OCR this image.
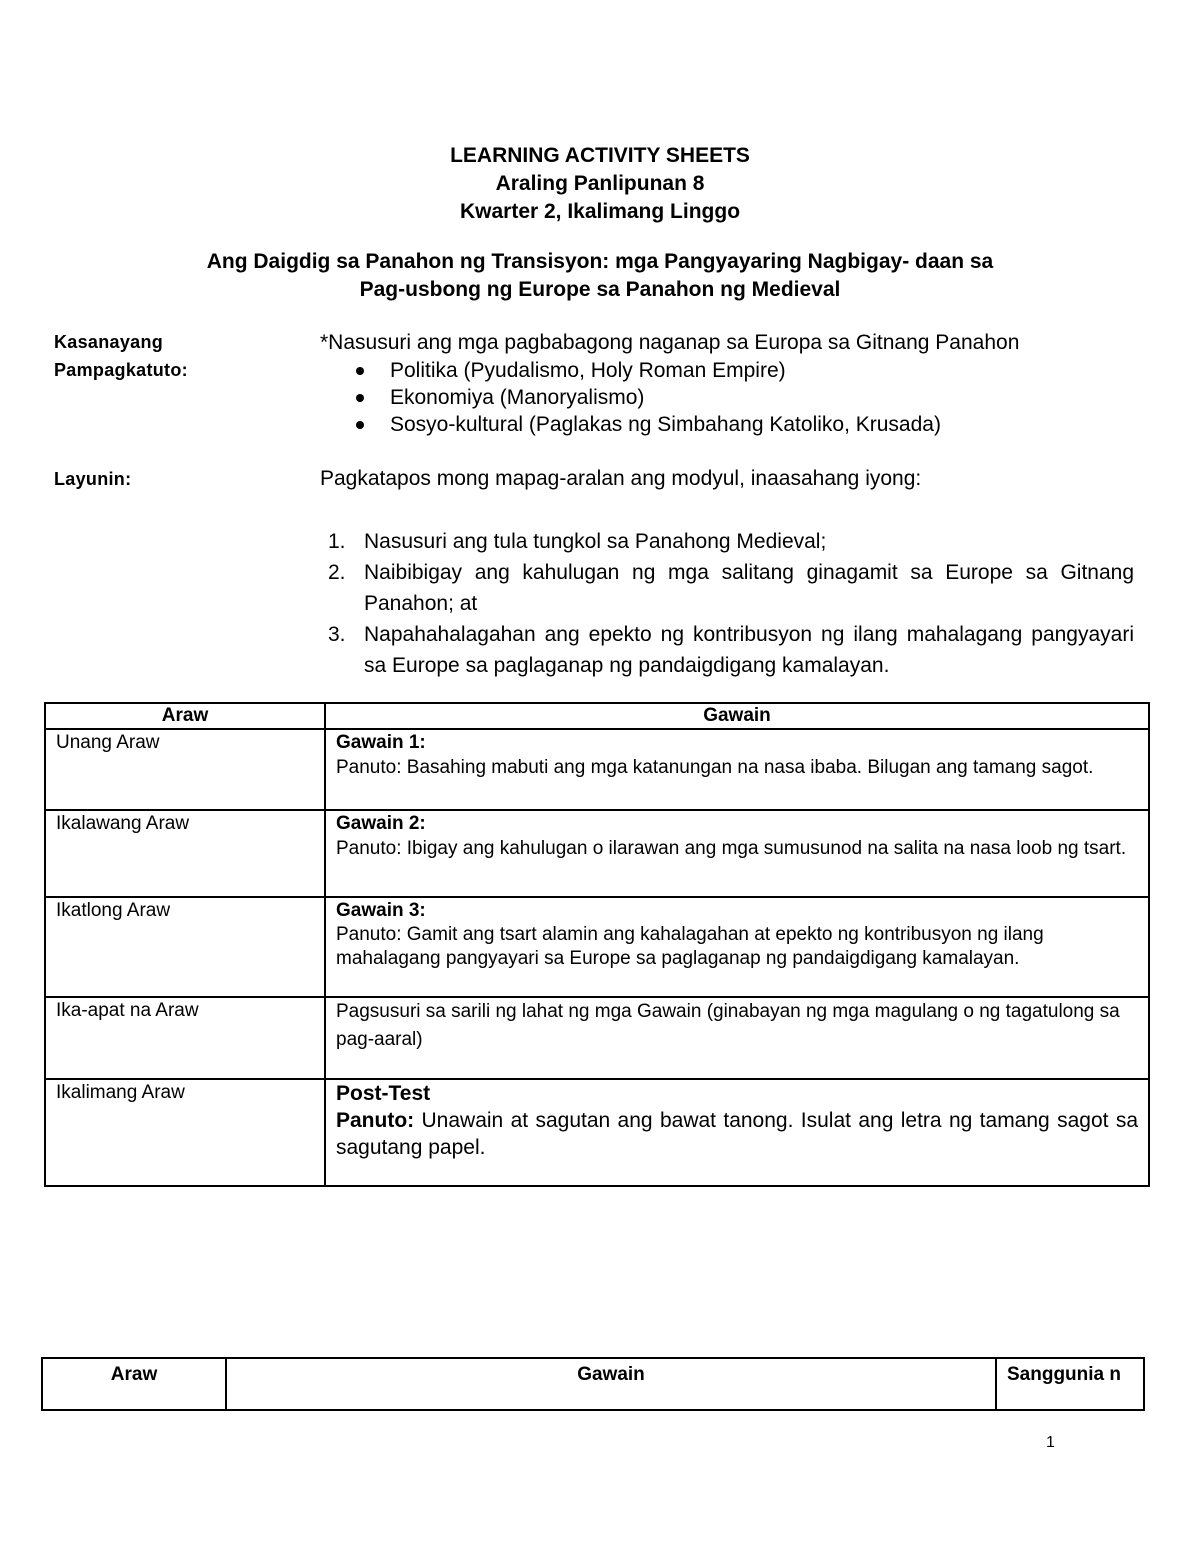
LEARNING ACTIVITY SHEETS
Araling Panlipunan 8
Kwarter 2, Ikalimang Linggo
Ang Daigdig sa Panahon ng Transisyon: mga Pangyayaring Nagbigay- daan sa
Pag-usbong ng Europe sa Panahon ng Medieval
Kasanayang
Pampagkatuto:
*Nasusuri ang mga pagbabagong naganap sa Europa sa Gitnang Panahon
Politika (Pyudalismo, Holy Roman Empire)
Ekonomiya (Manoryalismo)
Sosyo-kultural (Paglakas ng Simbahang Katoliko, Krusada)
Layunin:	Pagkatapos mong mapag-aralan ang modyul, inaasahang iyong:
1. Nasusuri ang tula tungkol sa Panahong Medieval;
2. Naibibigay ang kahulugan ng mga salitang ginagamit sa Europe sa Gitnang Panahon; at
3. Napahahalagahan ang epekto ng kontribusyon ng ilang mahalagang pangyayari sa Europe sa paglaganap ng pandaigdigang kamalayan.
Araw	Gawain
Unang Araw	Gawain 1:
Panuto: Basahing mabuti ang mga katanungan na nasa ibaba. Bilugan ang tamang sagot.

Ikalawang Araw	Gawain 2:
Panuto: Ibigay ang kahulugan o ilarawan ang mga sumusunod na salita na nasa loob ng tsart.

Ikatlong Araw	Gawain 3:
Panuto: Gamit ang tsart alamin ang kahalagahan at epekto ng kontribusyon ng ilang mahalagang pangyayari sa Europe sa paglaganap ng pandaigdigang kamalayan.

Ika-apat na Araw	Pagsusuri sa sarili ng lahat ng mga Gawain (ginabayan ng mga magulang o ng tagatulong sa pag-aaral)

Ikalimang Araw	Post-Test
Panuto: Unawain at sagutan ang bawat tanong. Isulat ang letra ng tamang sagot sa sagutang papel.
Araw	Gawain	Sanggunia n
1
